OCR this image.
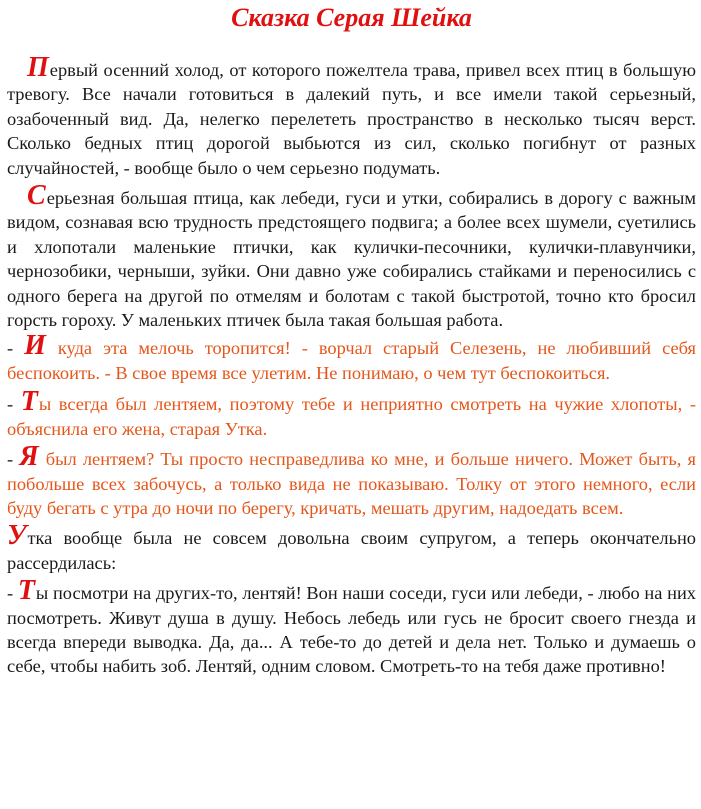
Сказка Серая Шейка

Первый осенний холод, от которого пожелтела трава, привел всех птиц в большую тревогу. Все начали готовиться в далекий путь, и все имели такой серьезный, озабоченный вид. Да, нелегко перелететь пространство в несколько тысяч верст. Сколько бедных птиц дорогой выбьются из сил, сколько погибнут от разных случайностей, - вообще было о чем серьезно подумать.

Серьезная большая птица, как лебеди, гуси и утки, собирались в дорогу с важным видом, сознавая всю трудность предстоящего подвига; а более всех шумели, суетились и хлопотали маленькие птички, как кулички-песочники, кулички-плавунчики, чернозобики, черныши, зуйки. Они давно уже собирались стайками и переносились с одного берега на другой по отмелям и болотам с такой быстротой, точно кто бросил горсть гороху. У маленьких птичек была такая большая работа.

- И куда эта мелочь торопится! - ворчал старый Селезень, не любивший себя беспокоить. - В свое время все улетим. Не понимаю, о чем тут беспокоиться.

- Ты всегда был лентяем, поэтому тебе и неприятно смотреть на чужие хлопоты, - объяснила его жена, старая Утка.

- Я был лентяем? Ты просто несправедлива ко мне, и больше ничего. Может быть, я побольше всех забочусь, а только вида не показываю. Толку от этого немного, если буду бегать с утра до ночи по берегу, кричать, мешать другим, надоедать всем.

Утка вообще была не совсем довольна своим супругом, а теперь окончательно рассердилась:

- Ты посмотри на других-то, лентяй! Вон наши соседи, гуси или лебеди, - любо на них посмотреть. Живут душа в душу. Небось лебедь или гусь не бросит своего гнезда и всегда впереди выводка. Да, да... А тебе-то до детей и дела нет. Только и думаешь о себе, чтобы набить зоб. Лентяй, одним словом. Смотреть-то на тебя даже противно!
